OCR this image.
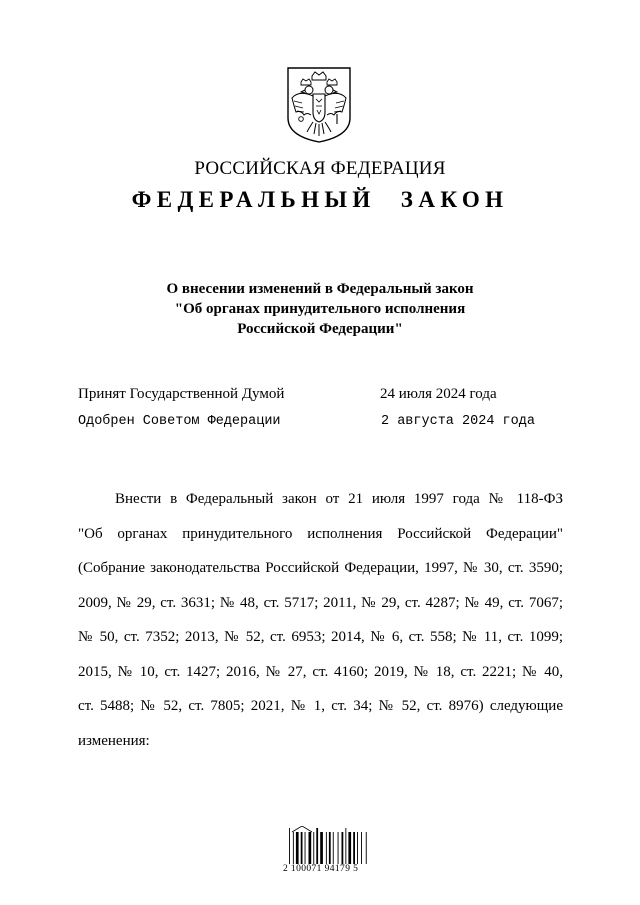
РОССИЙСКАЯ ФЕДЕРАЦИЯ
ФЕДЕРАЛЬНЫЙ ЗАКОН
О внесении изменений в Федеральный закон
"Об органах принудительного исполнения
Российской Федерации"
Принят Государственной Думой	24 июля 2024 года
Одобрен Советом Федерации	2 августа 2024 года
Внести в Федеральный закон от 21 июля 1997 года № 118-ФЗ
"Об органах принудительного исполнения Российской Федерации"
(Собрание законодательства Российской Федерации, 1997, № 30, ст. 3590;
2009, № 29, ст. 3631; № 48, ст. 5717; 2011, № 29, ст. 4287; № 49, ст. 7067;
№ 50, ст. 7352; 2013, № 52, ст. 6953; 2014, № 6, ст. 558; № 11, ст. 1099;
2015, № 10, ст. 1427; 2016, № 27, ст. 4160; 2019, № 18, ст. 2221; № 40,
ст. 5488; № 52, ст. 7805; 2021, № 1, ст. 34; № 52, ст. 8976) следующие
изменения:
2 100071 94179 5
